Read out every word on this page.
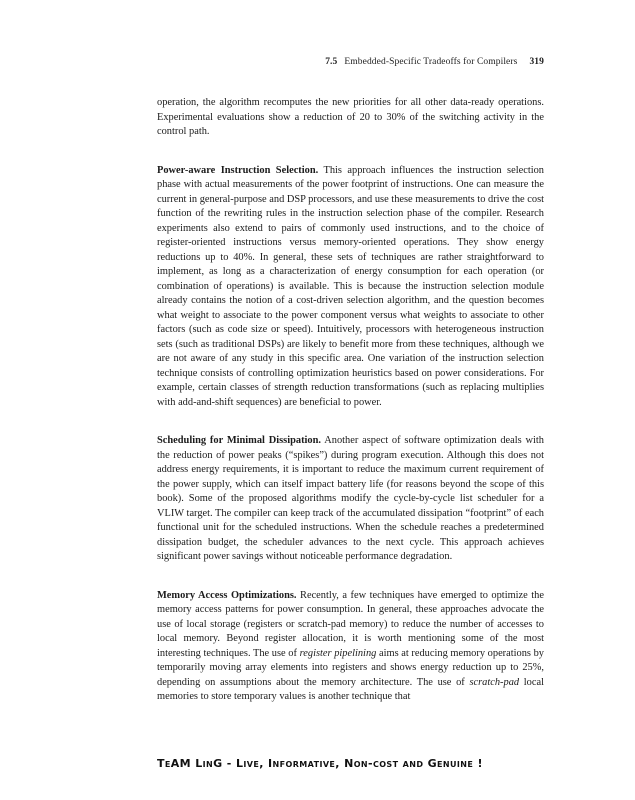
7.5 Embedded-Specific Tradeoffs for Compilers 319

operation, the algorithm recomputes the new priorities for all other data-ready operations. Experimental evaluations show a reduction of 20 to 30% of the switching activity in the control path.

Power-aware Instruction Selection. This approach influences the instruction selection phase with actual measurements of the power footprint of instructions. One can measure the current in general-purpose and DSP processors, and use these measurements to drive the cost function of the rewriting rules in the instruction selection phase of the compiler. Research experiments also extend to pairs of commonly used instructions, and to the choice of register-oriented instructions versus memory-oriented operations. They show energy reductions up to 40%. In general, these sets of techniques are rather straightforward to implement, as long as a characterization of energy consumption for each operation (or combination of operations) is available. This is because the instruction selection module already contains the notion of a cost-driven selection algorithm, and the question becomes what weight to associate to the power component versus what weights to associate to other factors (such as code size or speed). Intuitively, processors with heterogeneous instruction sets (such as traditional DSPs) are likely to benefit more from these techniques, although we are not aware of any study in this specific area. One variation of the instruction selection technique consists of controlling optimization heuristics based on power considerations. For example, certain classes of strength reduction transformations (such as replacing multiplies with add-and-shift sequences) are beneficial to power.

Scheduling for Minimal Dissipation. Another aspect of software optimization deals with the reduction of power peaks (“spikes”) during program execution. Although this does not address energy requirements, it is important to reduce the maximum current requirement of the power supply, which can itself impact battery life (for reasons beyond the scope of this book). Some of the proposed algorithms modify the cycle-by-cycle list scheduler for a VLIW target. The compiler can keep track of the accumulated dissipation “footprint” of each functional unit for the scheduled instructions. When the schedule reaches a predetermined dissipation budget, the scheduler advances to the next cycle. This approach achieves significant power savings without noticeable performance degradation.

Memory Access Optimizations. Recently, a few techniques have emerged to optimize the memory access patterns for power consumption. In general, these approaches advocate the use of local storage (registers or scratch-pad memory) to reduce the number of accesses to local memory. Beyond register allocation, it is worth mentioning some of the most interesting techniques. The use of register pipelining aims at reducing memory operations by temporarily moving array elements into registers and shows energy reduction up to 25%, depending on assumptions about the memory architecture. The use of scratch-pad local memories to store temporary values is another technique that

TeAM LinG - Live, Informative, Non-cost and Genuine !
